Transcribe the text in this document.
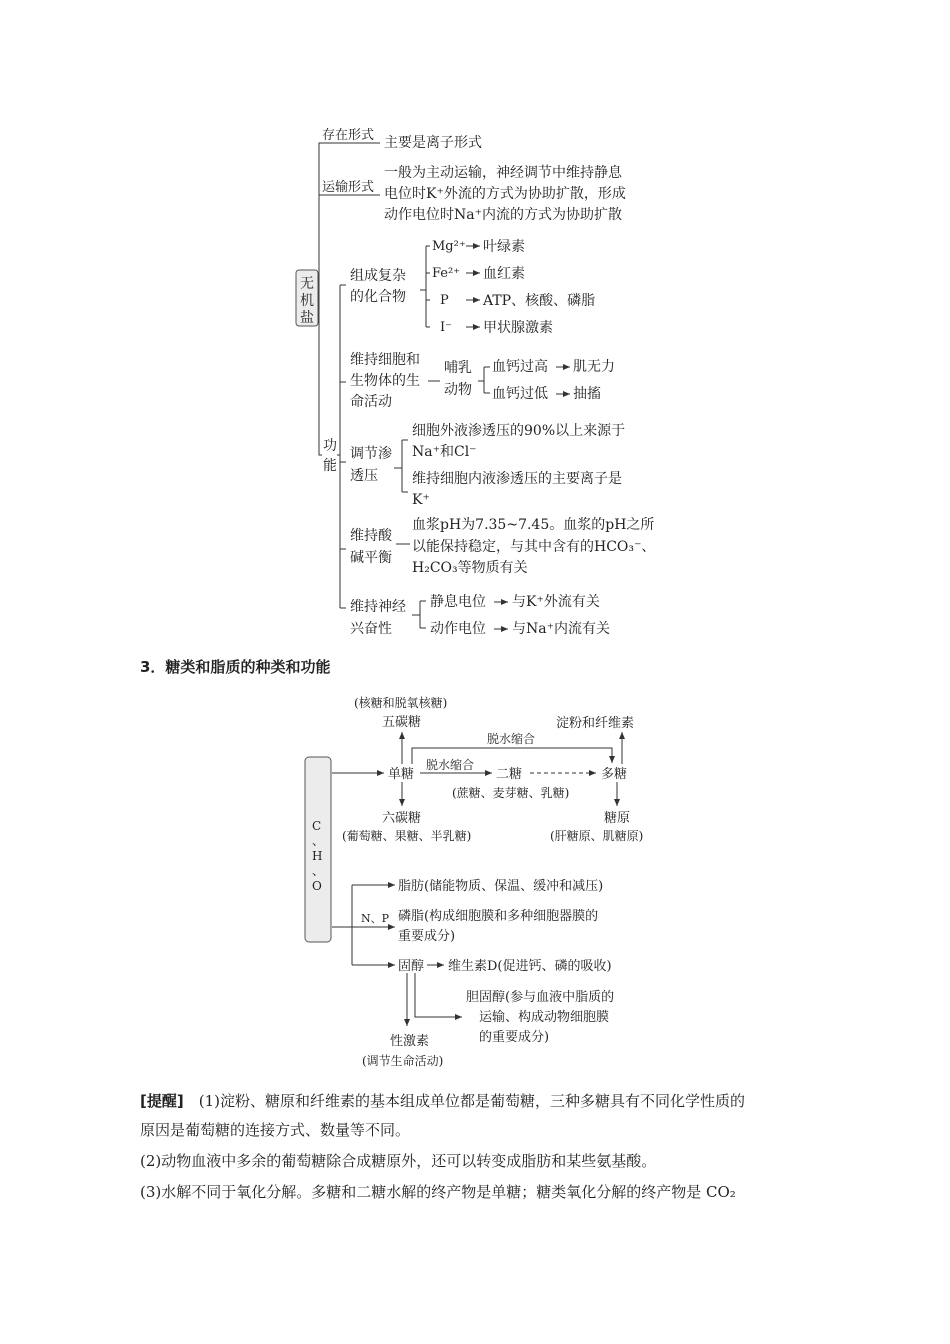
无
机
盐
存在形式 主要是离子形式
运输形式
一般为主动运输，神经调节中维持静息
电位时K⁺外流的方式为协助扩散，形成
动作电位时Na⁺内流的方式为协助扩散
功
能
组成复杂
的化合物
Mg²⁺
Fe²⁺
P
I⁻
叶绿素
血红素
ATP、核酸、磷脂
甲状腺激素
维持细胞和
生物体的生
命活动
哺乳
动物
血钙过高
血钙过低
肌无力
抽搐
调节渗
透压
细胞外液渗透压的90%以上来源于
Na⁺和Cl⁻
维持细胞内液渗透压的主要离子是
K⁺
维持酸
碱平衡
血浆pH为7.35~7.45。血浆的pH之所
以能保持稳定，与其中含有的HCO₃⁻、
H₂CO₃等物质有关
维持神经
兴奋性
静息电位
动作电位
与K⁺外流有关
与Na⁺内流有关
C
、
H
、
O
(核糖和脱氧核糖)
五碳糖
单糖
六碳糖
(葡萄糖、果糖、半乳糖)
脱水缩合
淀粉和纤维素
脱水缩合
二糖	多糖
(蔗糖、麦芽糖、乳糖)
糖原
(肝糖原、肌糖原)
N、P
脂肪(储能物质、保温、缓冲和减压)
磷脂(构成细胞膜和多种细胞器膜的
重要成分)
固醇 维生素D(促进钙、磷的吸收)
胆固醇(参与血液中脂质的
运输、构成动物细胞膜
的重要成分)
性激素
(调节生命活动)
3．糖类和脂质的种类和功能
[提醒]　 (1)淀粉、糖原和纤维素的基本组成单位都是葡萄糖，三种多糖具有不同化学性质的
原因是葡萄糖的连接方式、数量等不同。
(2)动物血液中多余的葡萄糖除合成糖原外，还可以转变成脂肪和某些氨基酸。
(3)水解不同于氧化分解。多糖和二糖水解的终产物是单糖；糖类氧化分解的终产物是 CO₂
